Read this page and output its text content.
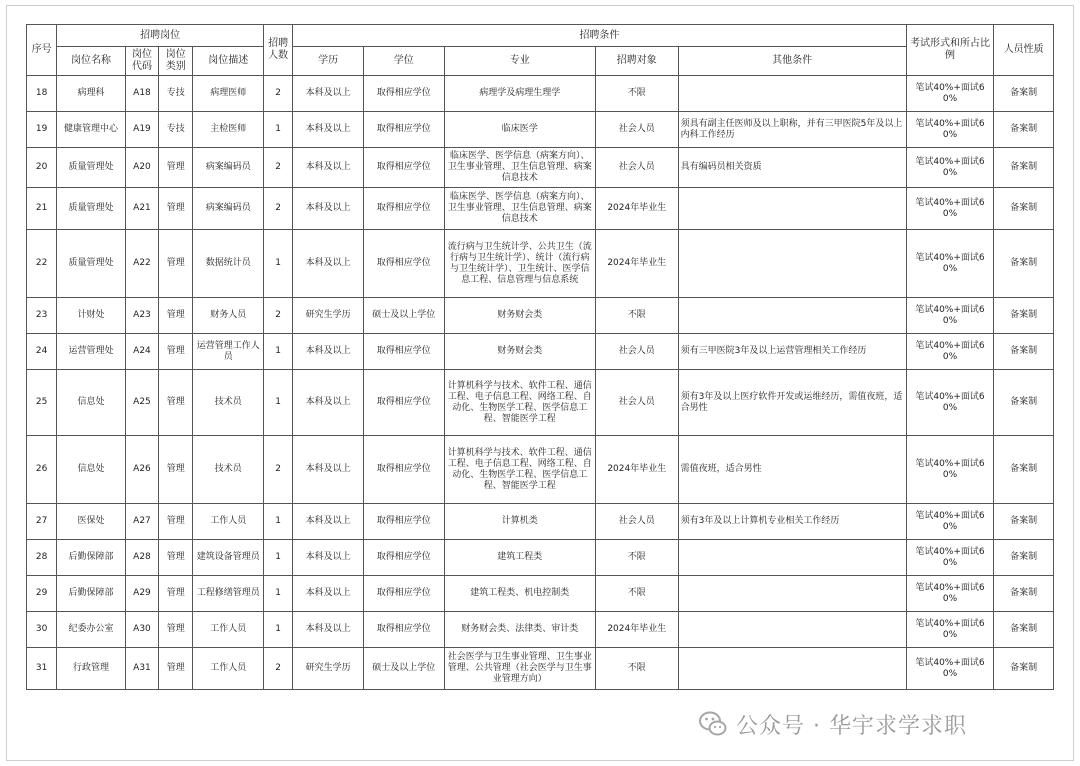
序号	招聘岗位				招聘人数	招聘条件					考试形式和所占比例	人员性质
	岗位名称	岗位代码	岗位类别	岗位描述		学历	学位	专业	招聘对象	其他条件		
18	病理科	A18	专技	病理医师	2	本科及以上	取得相应学位	病理学及病理生理学	不限		笔试40%+面试60%	备案制
19	健康管理中心	A19	专技	主检医师	1	本科及以上	取得相应学位	临床医学	社会人员	须具有副主任医师及以上职称，并有三甲医院5年及以上内科工作经历	笔试40%+面试60%	备案制
20	质量管理处	A20	管理	病案编码员	2	本科及以上	取得相应学位	临床医学、医学信息（病案方向）、卫生事业管理、卫生信息管理、病案信息技术	社会人员	具有编码员相关资质	笔试40%+面试60%	备案制
21	质量管理处	A21	管理	病案编码员	2	本科及以上	取得相应学位	临床医学、医学信息（病案方向）、卫生事业管理、卫生信息管理、病案信息技术	2024年毕业生		笔试40%+面试60%	备案制
22	质量管理处	A22	管理	数据统计员	1	本科及以上	取得相应学位	流行病与卫生统计学、公共卫生（流行病与卫生统计学）、统计（流行病与卫生统计学）、卫生统计、医学信息工程、信息管理与信息系统	2024年毕业生		笔试40%+面试60%	备案制
23	计财处	A23	管理	财务人员	2	研究生学历	硕士及以上学位	财务财会类	不限		笔试40%+面试60%	备案制
24	运营管理处	A24	管理	运营管理工作人员	1	本科及以上	取得相应学位	财务财会类	社会人员	须有三甲医院3年及以上运营管理相关工作经历	笔试40%+面试60%	备案制
25	信息处	A25	管理	技术员	1	本科及以上	取得相应学位	计算机科学与技术、软件工程、通信工程、电子信息工程、网络工程、自动化、生物医学工程、医学信息工程、智能医学工程	社会人员	须有3年及以上医疗软件开发或运维经历，需值夜班，适合男性	笔试40%+面试60%	备案制
26	信息处	A26	管理	技术员	2	本科及以上	取得相应学位	计算机科学与技术、软件工程、通信工程、电子信息工程、网络工程、自动化、生物医学工程、医学信息工程、智能医学工程	2024年毕业生	需值夜班，适合男性	笔试40%+面试60%	备案制
27	医保处	A27	管理	工作人员	1	本科及以上	取得相应学位	计算机类	社会人员	须有3年及以上计算机专业相关工作经历	笔试40%+面试60%	备案制
28	后勤保障部	A28	管理	建筑设备管理员	1	本科及以上	取得相应学位	建筑工程类	不限		笔试40%+面试60%	备案制
29	后勤保障部	A29	管理	工程修缮管理员	1	本科及以上	取得相应学位	建筑工程类、机电控制类	不限		笔试40%+面试60%	备案制
30	纪委办公室	A30	管理	工作人员	1	本科及以上	取得相应学位	财务财会类、法律类、审计类	2024年毕业生		笔试40%+面试60%	备案制
31	行政管理	A31	管理	工作人员	2	研究生学历	硕士及以上学位	社会医学与卫生事业管理、卫生事业管理、公共管理（社会医学与卫生事业管理方向）	不限		笔试40%+面试60%	备案制
公众号 · 华宇求学求职
